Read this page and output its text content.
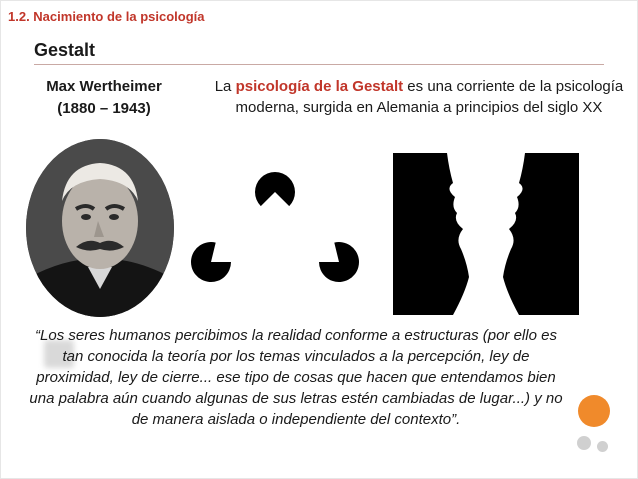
1.2. Nacimiento de la psicología

Gestalt

Max Wertheimer
(1880 – 1943)
La psicología de la Gestalt es una corriente de la psicología moderna, surgida en Alemania a principios del siglo XX
“Los seres humanos percibimos la realidad conforme a estructuras (por ello es tan conocida la teoría por los temas vinculados a la percepción, ley de proximidad, ley de cierre... ese tipo de cosas que hacen que entendamos bien una palabra aún cuando algunas de sus letras estén cambiadas de lugar...) y no de manera aislada o independiente del contexto”.
